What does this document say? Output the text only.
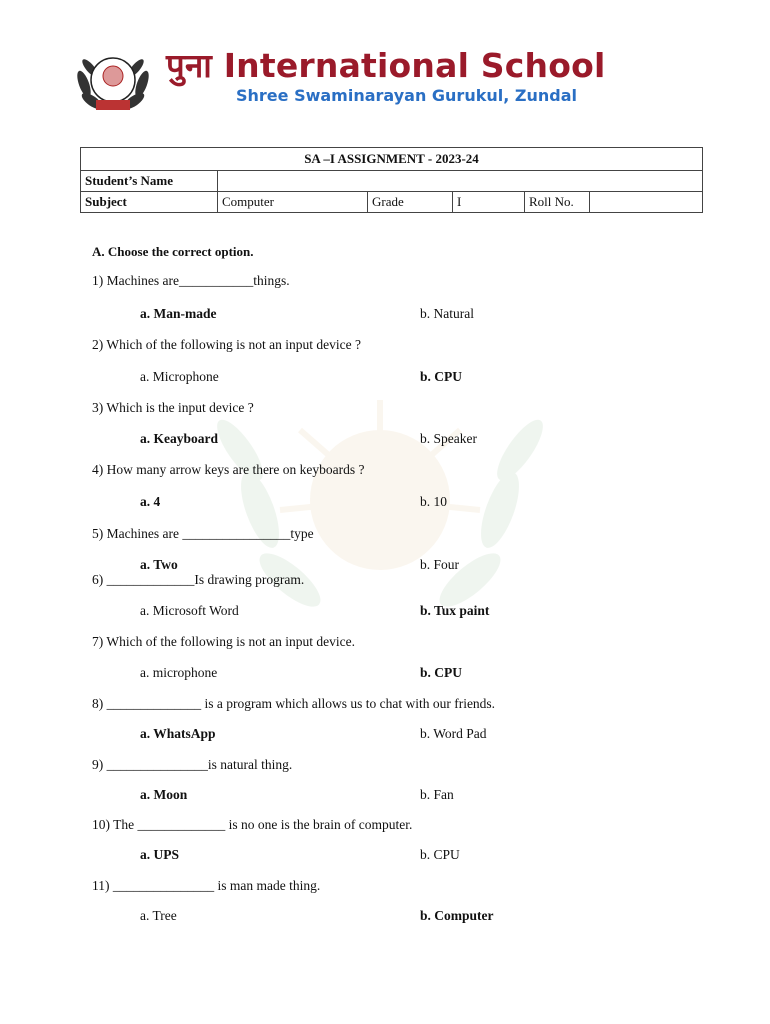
पुना International School
Shree Swaminarayan Gurukul, Zundal
SA –I ASSIGNMENT - 2023-24					
Student’s Name					
Subject	Computer	Grade	I	Roll No.	
A. Choose the correct option.
1) Machines are___________things.
a. Man-made	b. Natural
2) Which of the following is not an input device ?
a. Microphone	b. CPU
3) Which is the input device ?
a. Keayboard	b. Speaker
4) How many arrow keys are there on keyboards ?
a. 4	b. 10
5) Machines are ________________type
a. Two	b. Four
6) _____________Is drawing program.
a. Microsoft Word	b. Tux paint
7) Which of the following is not an input device.
a. microphone	b. CPU
8) ______________ is a program which allows us to chat with our friends.
a. WhatsApp	b. Word Pad
9) _______________is natural thing.
a. Moon	b. Fan
10) The _____________ is no one is the brain of computer.
a. UPS	b. CPU
11) _______________ is man made thing.
a. Tree	b. Computer
